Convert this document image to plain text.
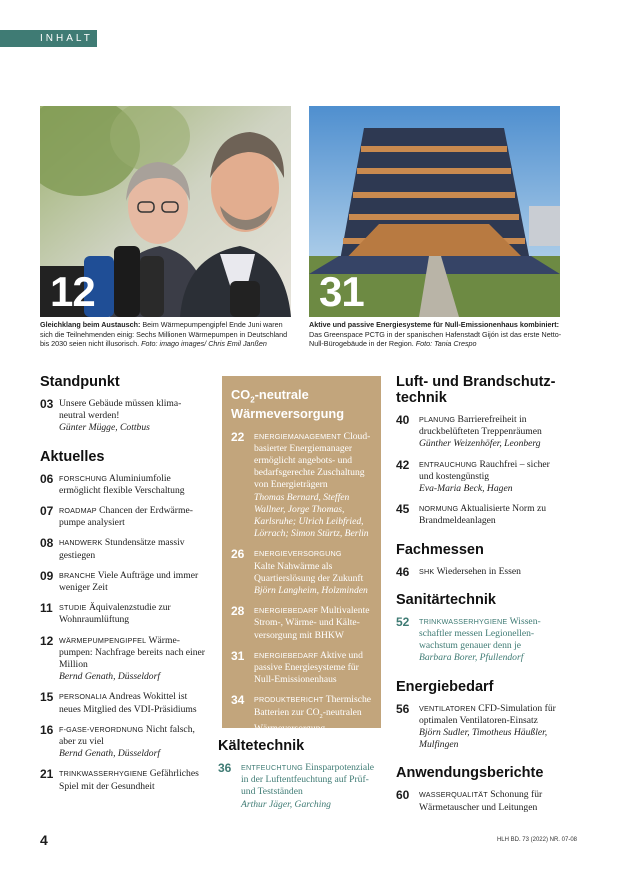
INHALT
12
Gleichklang beim Austausch: Beim Wärmepumpengipfel Ende Juni waren sich die Teilnehmenden einig: Sechs Millionen Wärmepumpen in Deutschland bis 2030 seien nicht illusorisch. Foto: imago images/ Chris Emil Janßen
31
Aktive und passive Energiesysteme für Null-Emissionenhaus kombiniert: Das Greenspace PCTG in der spanischen Hafenstadt Gijón ist das erste Netto-Null-Bürogebäude in der Region. Foto: Tania Crespo
Standpunkt
03 Unsere Gebäude müssen klima-neutral werden!
Günter Mügge, Cottbus
Aktuelles
06 FORSCHUNG Aluminiumfolie ermöglicht flexible Verschaltung
07 ROADMAP Chancen der Erdwärme-pumpe analysiert
08 HANDWERK Stundensätze massiv gestiegen
09 BRANCHE Viele Aufträge und immer weniger Zeit
11 STUDIE Äquivalenzstudie zur Wohnraumlüftung
12 WÄRMEPUMPENGIPFEL Wärme-pumpen: Nachfrage bereits nach einer Million
Bernd Genath, Düsseldorf
15 PERSONALIA Andreas Wokittel ist neues Mitglied des VDI-Präsidiums
16 F-GASE-VERORDNUNG Nicht falsch, aber zu viel
Bernd Genath, Düsseldorf
21 TRINKWASSERHYGIENE Gefährliches Spiel mit der Gesundheit
$CO_2$-neutrale Wärmeversorgung
22 ENERGIEMANAGEMENT Cloud-basierter Energiemanager ermöglicht angebots- und bedarfsgerechte Zuschaltung von Energieträgern
Thomas Bernard, Steffen Wallner, Jorge Thomas, Karlsruhe; Ulrich Leibfried, Lörrach; Simon Stürtz, Berlin
26 ENERGIEVERSORGUNG
Kalte Nahwärme als Quartierslösung der Zukunft
Björn Langheim, Holzminden
28 ENERGIEBEDARF Multivalente Strom-, Wärme- und Kälte-versorgung mit BHKW
31 ENERGIEBEDARF Aktive und passive Energiesysteme für Null-Emissionenhaus
34 PRODUKTBERICHT Thermische Batterien zur $CO_2$-neutralen Wärmeversorgung
Kältetechnik
36 ENTFEUCHTUNG Einsparpotenziale in der Luftentfeuchtung auf Prüf- und Testständen
Arthur Jäger, Garching
Luft- und Brandschutz-technik
40 PLANUNG Barrierefreiheit in druckbelüfteten Treppenräumen
Günther Weizenhöfer, Leonberg
42 ENTRAUCHUNG Rauchfrei – sicher und kostengünstig
Eva-Maria Beck, Hagen
45 NORMUNG Aktualisierte Norm zu Brandmeldeanlagen
Fachmessen
46 SHK Wiedersehen in Essen
Sanitärtechnik
52 TRINKWASSERHYGIENE Wissen-schaftler messen Legionellen-wachstum genauer denn je
Barbara Borer, Pfullendorf
Energiebedarf
56 VENTILATOREN CFD-Simulation für optimalen Ventilatoren-Einsatz
Björn Sudler, Timotheus Häußler, Mulfingen
Anwendungsberichte
60 WASSERQUALITÄT Schonung für Wärmetauscher und Leitungen
4	HLH BD. 73 (2022) NR. 07-08
